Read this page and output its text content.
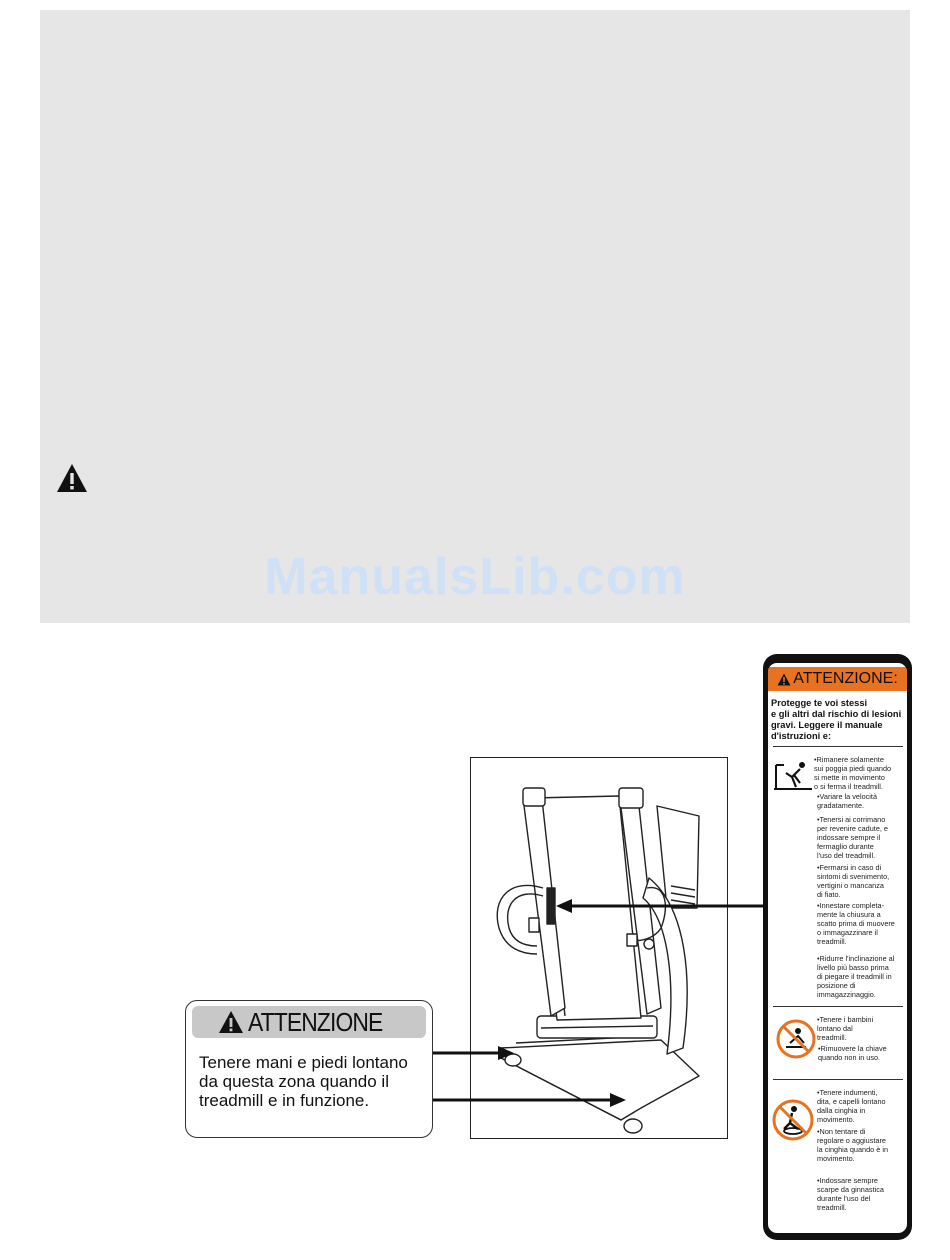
ManualsLib.com
ATTENZIONE
Tenere mani e piedi lontano
da questa zona quando il
treadmill e in funzione.
ATTENZIONE:
Protegge te voi stessi
e gli altri dal rischio di lesioni
gravi. Leggere il manuale
d'istruzioni e:
•Rimanere solamente
sui poggia piedi quando
si mette in movimento
o si ferma il treadmill.
•Variare la velocità
gradatamente.
•Tenersi ai corrimano
per revenire cadute, e
indossare sempre il
fermaglio durante
l'uso del treadmill.
•Fermarsi in caso di
sintomi di svenimento,
vertigini o mancanza
di fiato.
•Innestare completa-
mente la chiusura a
scatto prima di muovere
o immagazzinare il
treadmill.
•Ridurre l'inclinazione al
livello più basso prima
di piegare il treadmill in
posizione di
immagazzinaggio.
•Tenere i bambini
lontano dal
treadmill.
•Rimuovere la chiave
quando non in uso.
•Tenere indumenti,
dita, e capelli lontano
dalla cinghia in
movimento.
•Non tentare di
regolare o aggiustare
la cinghia quando è in
movimento.
•Indossare sempre
scarpe da ginnastica
durante l'uso del
treadmill.
